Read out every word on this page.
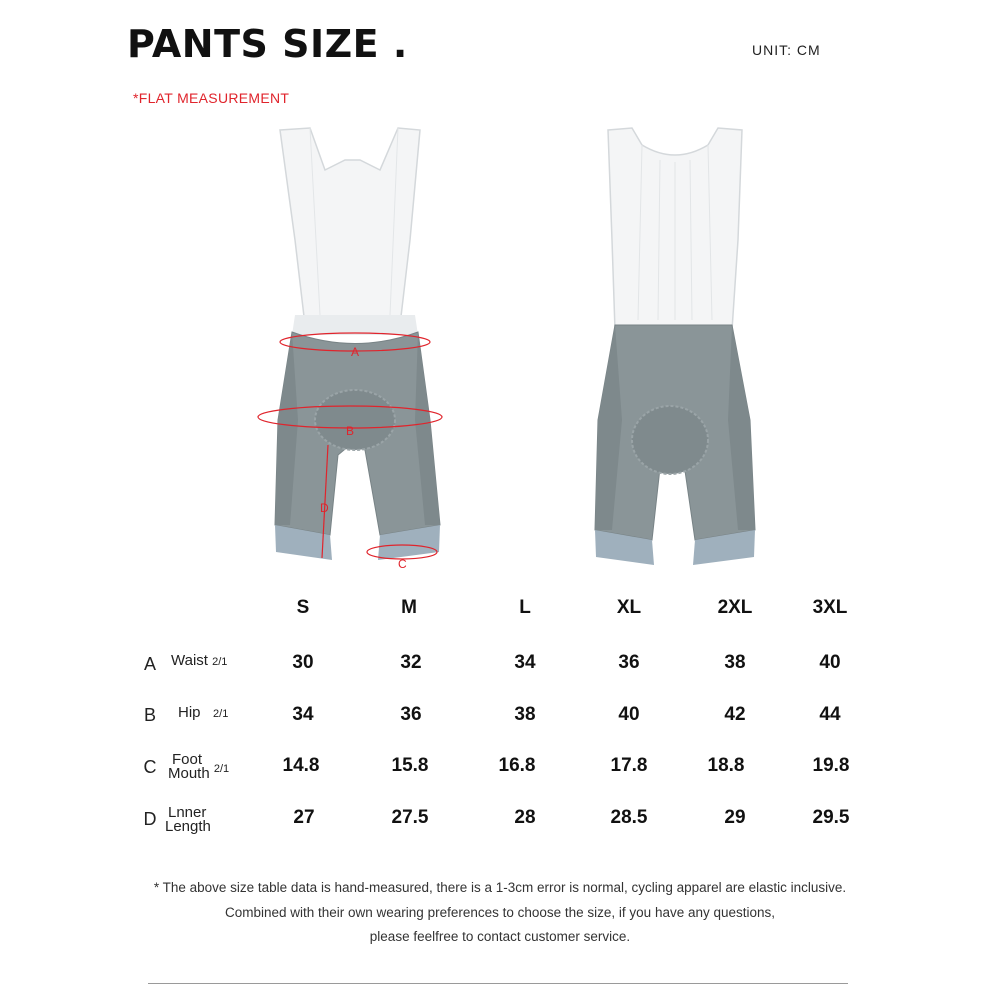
PANTS SIZE .	UNIT: CM
*FLAT MEASUREMENT
A
B
C
D
S	M	L	XL	2XL	3XL
A Waist 2/1	30	32	34	36	38	40
B Hip 2/1	34	36	38	40	42	44
C Foot
Mouth $^{2/1}$	14.8	15.8	16.8	17.8	18.8	19.8
D Lnner
Length	27	27.5	28	28.5	29	29.5
* The above size table data is hand-measured, there is a 1-3cm error is normal, cycling apparel are elastic inclusive.
Combined with their own wearing preferences to choose the size, if you have any questions,
please feelfree to contact customer service.
